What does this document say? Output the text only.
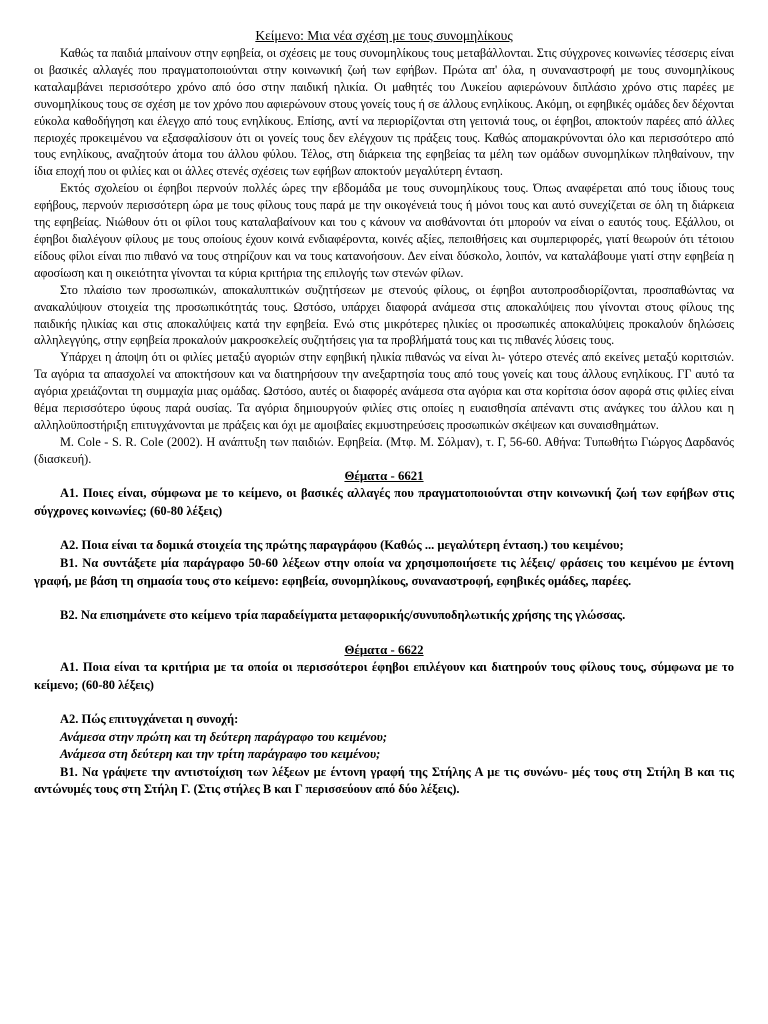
Κείμενο: Μια νέα σχέση με τους συνομηλίκους

Καθώς τα παιδιά μπαίνουν στην εφηβεία, οι σχέσεις με τους συνομηλίκους τους μεταβάλλονται. Στις σύγχρονες κοινωνίες τέσσερις είναι οι βασικές αλλαγές που πραγματοποιούνται στην κοινωνική ζωή των εφήβων. Πρώτα απ' όλα, η συναναστροφή με τους συνομηλίκους καταλαμβάνει περισσότερο χρόνο από όσο στην παιδική ηλικία. Οι μαθητές του Λυκείου αφιερώνουν διπλάσιο χρόνο στις παρέες με συνομηλίκους τους σε σχέση με τον χρόνο που αφιερώνουν στους γονείς τους ή σε άλλους ενηλίκους. Ακόμη, οι εφηβικές ομάδες δεν δέχονται εύκολα καθοδήγηση και έλεγχο από τους ενηλίκους. Επίσης, αντί να περιορίζονται στη γειτονιά τους, οι έφηβοι, αποκτούν παρέες από άλλες περιοχές προκειμένου να εξασφαλίσουν ότι οι γονείς τους δεν ελέγχουν τις πράξεις τους. Καθώς απομακρύνονται όλο και περισσότερο από τους ενηλίκους, αναζητούν άτομα του άλλου φύλου. Τέλος, στη διάρκεια της εφηβείας τα μέλη των ομάδων συνομηλίκων πληθαίνουν, την ίδια εποχή που οι φιλίες και οι άλλες στενές σχέσεις των εφήβων αποκτούν μεγαλύτερη ένταση.

Εκτός σχολείου οι έφηβοι περνούν πολλές ώρες την εβδομάδα με τους συνομηλίκους τους. Όπως αναφέρεται από τους ίδιους τους εφήβους, περνούν περισσότερη ώρα με τους φίλους τους παρά με την οικογένειά τους ή μόνοι τους και αυτό συνεχίζεται σε όλη τη διάρκεια της εφηβείας. Νιώθουν ότι οι φίλοι τους καταλαβαίνουν και του ς κάνουν να αισθάνονται ότι μπορούν να είναι ο εαυτός τους. Εξάλλου, οι έφηβοι διαλέγουν φίλους με τους οποίους έχουν κοινά ενδιαφέροντα, κοινές αξίες, πεποιθήσεις και συμπεριφορές, γιατί θεωρούν ότι τέτοιου είδους φίλοι είναι πιο πιθανό να τους στηρίζουν και να τους κατανοήσουν. Δεν είναι δύσκολο, λοιπόν, να καταλάβουμε γιατί στην εφηβεία η αφοσίωση και η οικειότητα γίνονται τα κύρια κριτήρια της επιλογής των στενών φίλων.

Στο πλαίσιο των προσωπικών, αποκαλυπτικών συζητήσεων με στενούς φίλους, οι έφηβοι αυτοπροσδιορίζονται, προσπαθώντας να ανακαλύψουν στοιχεία της προσωπικότητάς τους. Ωστόσο, υπάρχει διαφορά ανάμεσα στις αποκαλύψεις που γίνονται στους φίλους της παιδικής ηλικίας και στις αποκαλύψεις κατά την εφηβεία. Ενώ στις μικρότερες ηλικίες οι προσωπικές αποκαλύψεις προκαλούν δηλώσεις αλληλεγγύης, στην εφηβεία προκαλούν μακροσκελείς συζητήσεις για τα προβλήματά τους και τις πιθανές λύσεις τους.

Υπάρχει η άποψη ότι οι φιλίες μεταξύ αγοριών στην εφηβική ηλικία πιθανώς να είναι λι- γότερο στενές από εκείνες μεταξύ κοριτσιών. Τα αγόρια τα απασχολεί να αποκτήσουν και να διατηρήσουν την ανεξαρτησία τους από τους γονείς και τους άλλους ενηλίκους. ΓΓ αυτό τα αγόρια χρειάζονται τη συμμαχία μιας ομάδας. Ωστόσο, αυτές οι διαφορές ανάμεσα στα αγόρια και στα κορίτσια όσον αφορά στις φιλίες είναι θέμα περισσότερο ύφους παρά ουσίας. Τα αγόρια δημιουργούν φιλίες στις οποίες η ευαισθησία απέναντι στις ανάγκες του άλλου και η αλληλοϋποστήριξη επιτυγχάνονται με πράξεις και όχι με αμοιβαίες εκμυστηρεύσεις προσωπικών σκέψεων και συναισθημάτων.

M. Cole - S. R. Cole (2002). Η ανάπτυξη των παιδιών. Εφηβεία. (Μτφ. Μ. Σόλμαν), τ. Γ, 56-60. Αθήνα: Τυπωθήτω Γιώργος Δαρδανός (διασκευή).

Θέματα - 6621

Α1. Ποιες είναι, σύμφωνα με το κείμενο, οι βασικές αλλαγές που πραγματοποιούνται στην κοινωνική ζωή των εφήβων στις σύγχρονες κοινωνίες; (60-80 λέξεις)

Α2. Ποια είναι τα δομικά στοιχεία της πρώτης παραγράφου (Καθώς ... μεγαλύτερη ένταση.) του κειμένου;

Β1. Να συντάξετε μία παράγραφο 50-60 λέξεων στην οποία να χρησιμοποιήσετε τις λέξεις/ φράσεις του κειμένου με έντονη γραφή, με βάση τη σημασία τους στο κείμενο: εφηβεία, συνομηλίκους, συναναστροφή, εφηβικές ομάδες, παρέες.

Β2. Να επισημάνετε στο κείμενο τρία παραδείγματα μεταφορικής/συνυποδηλωτικής χρήσης της γλώσσας.

Θέματα - 6622

Α1. Ποια είναι τα κριτήρια με τα οποία οι περισσότεροι έφηβοι επιλέγουν και διατηρούν τους φίλους τους, σύμφωνα με το κείμενο; (60-80 λέξεις)

Α2. Πώς επιτυγχάνεται η συνοχή:

Ανάμεσα στην πρώτη και τη δεύτερη παράγραφο του κειμένου;

Ανάμεσα στη δεύτερη και την τρίτη παράγραφο του κειμένου;

Β1. Να γράψετε την αντιστοίχιση των λέξεων με έντονη γραφή της Στήλης Α με τις συνώνυ- μές τους στη Στήλη Β και τις αντώνυμές τους στη Στήλη Γ. (Στις στήλες Β και Γ περισσεύουν από δύο λέξεις).
